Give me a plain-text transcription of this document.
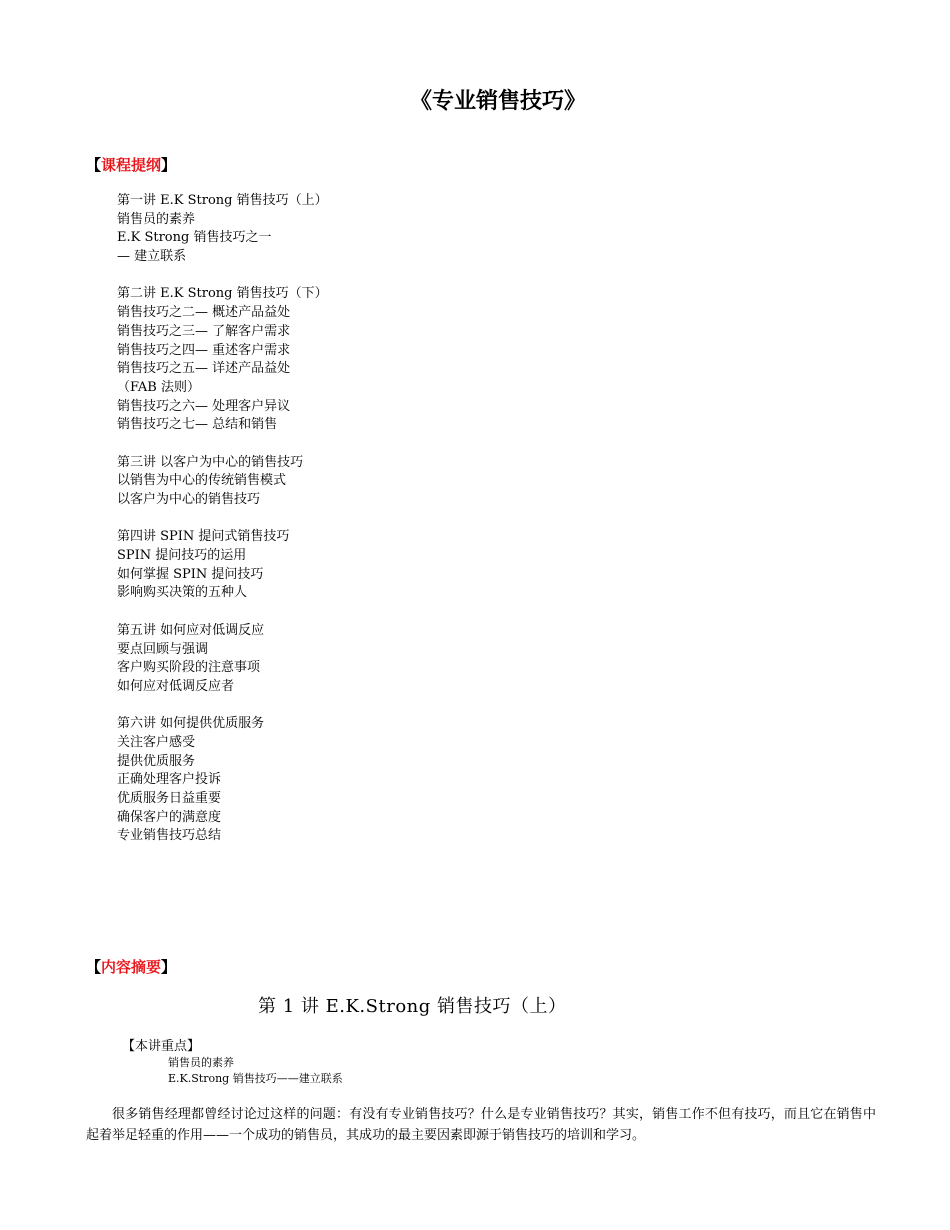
《专业销售技巧》
【课程提纲】
第一讲 E.K Strong 销售技巧（上）
销售员的素养
E.K Strong 销售技巧之一
— 建立联系
第二讲 E.K Strong 销售技巧（下）
销售技巧之二— 概述产品益处
销售技巧之三— 了解客户需求
销售技巧之四— 重述客户需求
销售技巧之五— 详述产品益处
（FAB 法则）
销售技巧之六— 处理客户异议
销售技巧之七— 总结和销售
第三讲 以客户为中心的销售技巧
以销售为中心的传统销售模式
以客户为中心的销售技巧
第四讲 SPIN 提问式销售技巧
SPIN 提问技巧的运用
如何掌握 SPIN 提问技巧
影响购买决策的五种人
第五讲 如何应对低调反应
要点回顾与强调
客户购买阶段的注意事项
如何应对低调反应者
第六讲 如何提供优质服务
关注客户感受
提供优质服务
正确处理客户投诉
优质服务日益重要
确保客户的满意度
专业销售技巧总结
【内容摘要】
第 1 讲 E.K.Strong 销售技巧（上）
【本讲重点】
销售员的素养
E.K.Strong 销售技巧——建立联系
很多销售经理都曾经讨论过这样的问题：有没有专业销售技巧？什么是专业销售技巧？其实，销售工作不但有技巧，而且它在销售中起着举足轻重的作用——一个成功的销售员，其成功的最主要因素即源于销售技巧的培训和学习。
